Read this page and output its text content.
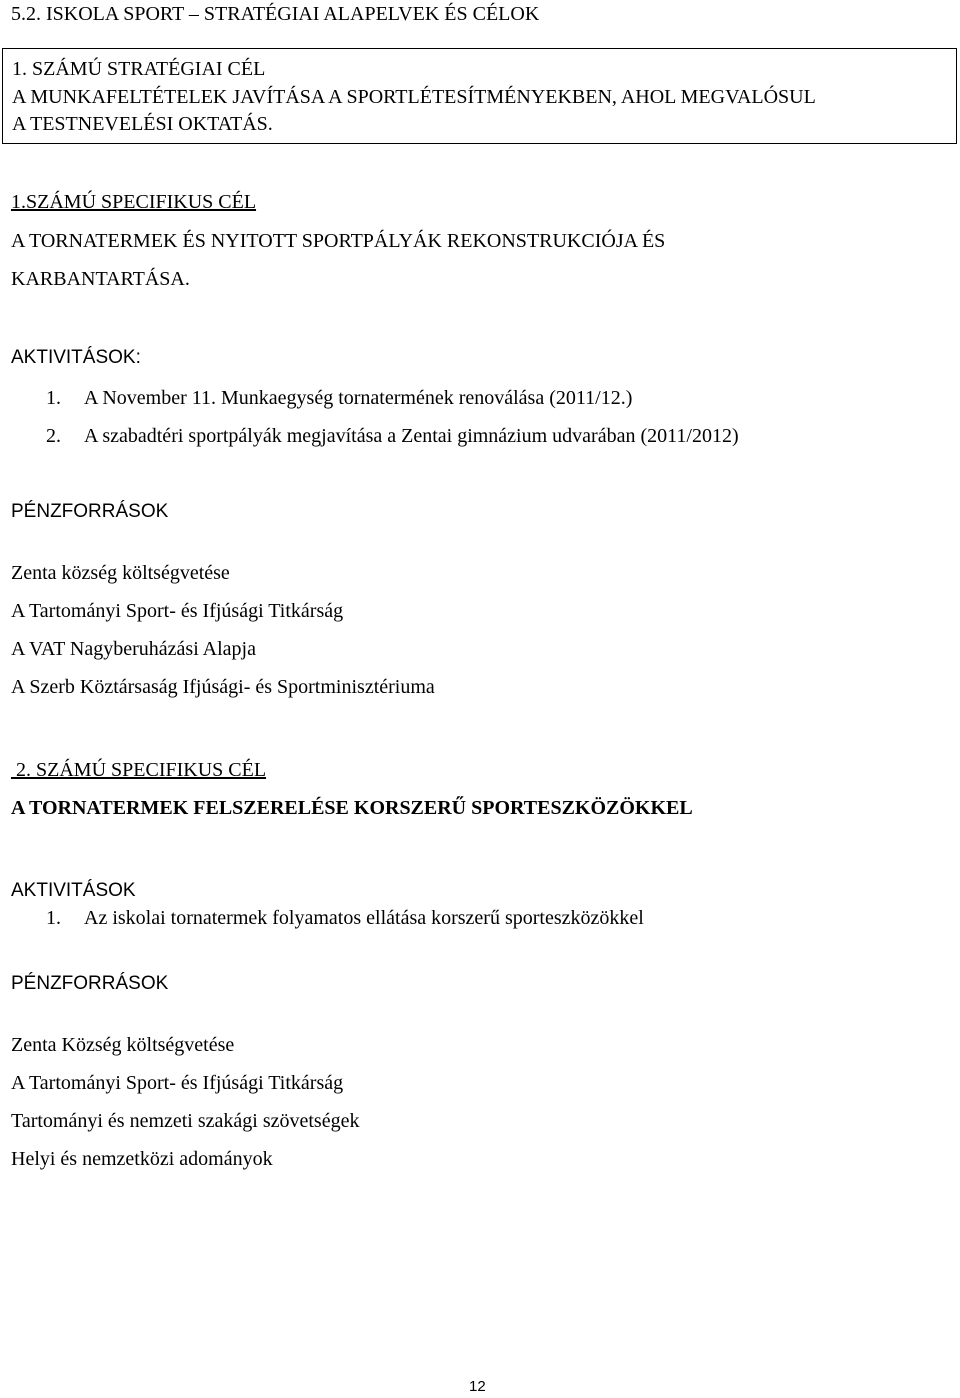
5.2. ISKOLA SPORT – STRATÉGIAI ALAPELVEK ÉS CÉLOK
1. SZÁMÚ STRATÉGIAI CÉL
A MUNKAFELTÉTELEK JAVÍTÁSA A SPORTLÉTESÍTMÉNYEKBEN, AHOL MEGVALÓSUL
A TESTNEVELÉSI OKTATÁS.
1.SZÁMÚ SPECIFIKUS CÉL
A TORNATERMEK ÉS NYITOTT SPORTPÁLYÁK REKONSTRUKCIÓJA ÉS
KARBANTARTÁSA.
AKTIVITÁSOK:
1. A November 11. Munkaegység tornatermének renoválása (2011/12.)
2. A szabadtéri sportpályák megjavítása a Zentai gimnázium udvarában (2011/2012)
PÉNZFORRÁSOK
Zenta község költségvetése
A Tartományi Sport- és Ifjúsági Titkárság
A VAT Nagyberuházási Alapja
A Szerb Köztársaság Ifjúsági- és Sportminisztériuma
2. SZÁMÚ SPECIFIKUS CÉL
A TORNATERMEK FELSZERELÉSE KORSZERŰ SPORTESZKÖZÖKKEL
AKTIVITÁSOK
1. Az iskolai tornatermek folyamatos ellátása korszerű sporteszközökkel
PÉNZFORRÁSOK
Zenta Község költségvetése
A Tartományi Sport- és Ifjúsági Titkárság
Tartományi és nemzeti szakági szövetségek
Helyi és nemzetközi adományok
12
